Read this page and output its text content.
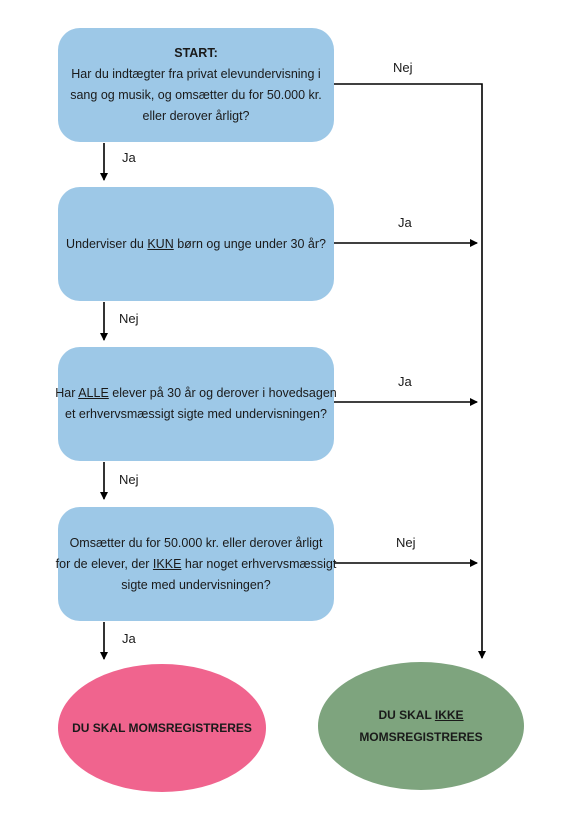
START:
Har du indtægter fra privat elevundervisning i
sang og musik, og omsætter du for 50.000 kr.
eller derover årligt?
Underviser du KUN børn og unge under 30 år?
Har ALLE elever på 30 år og derover i hovedsagen
et erhvervsmæssigt sigte med undervisningen?
Omsætter du for 50.000 kr. eller derover årligt
for de elever, der IKKE har noget erhvervsmæssigt
sigte med undervisningen?
DU SKAL MOMSREGISTRERES
DU SKAL IKKE
MOMSREGISTRERES
Nej
Ja
Ja
Nej
Ja
Nej
Nej
Ja
